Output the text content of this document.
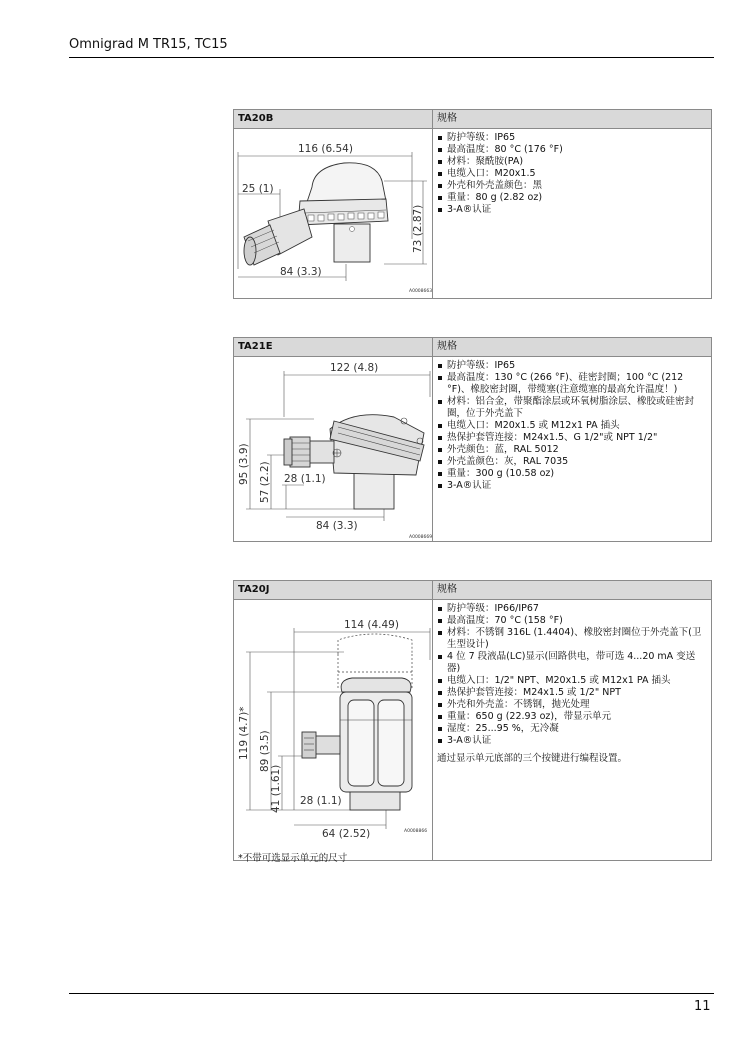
Omnigrad M TR15, TC15
TA20B	规格
116 (6.54)
25 (1)
73 (2.87)
84 (3.3)
A0008663
防护等级：IP65
最高温度：80 °C (176 °F)
材料：聚酰胺(PA)
电缆入口：M20x1.5
外壳和外壳盖颜色：黑
重量：80 g (2.82 oz)
3-A®认证
TA21E	规格
122 (4.8)
95 (3.9) 57 (2.2) 28 (1.1)
84 (3.3)
A0008669
防护等级：IP65
最高温度：130 °C (266 °F)、硅密封圈；100 °C (212 °F)、橡胶密封圈，带缆塞(注意缆塞的最高允许温度！)
材料：铝合金，带聚酯涂层或环氧树脂涂层、橡胶或硅密封圈，位于外壳盖下
电缆入口：M20x1.5 或 M12x1 PA 插头
热保护套管连接：M24x1.5、G 1/2"或 NPT 1/2"
外壳颜色：蓝，RAL 5012
外壳盖颜色：灰，RAL 7035
重量：300 g (10.58 oz)
3-A®认证
TA20J	规格
114 (4.49)
119 (4.7)* 89 (3.5)
41 (1.61) 28 (1.1)
64 (2.52)	A0008866
*不带可选显示单元的尺寸
防护等级：IP66/IP67
最高温度：70 °C (158 °F)
材料：不锈钢 316L (1.4404)、橡胶密封圈位于外壳盖下(卫生型设计)
4 位 7 段液晶(LC)显示(回路供电，带可选 4...20 mA 变送器)
电缆入口：1/2" NPT、M20x1.5 或 M12x1 PA 插头
热保护套管连接：M24x1.5 或 1/2" NPT
外壳和外壳盖：不锈钢，抛光处理
重量：650 g (22.93 oz)，带显示单元
湿度：25...95 %，无冷凝
3-A®认证
通过显示单元底部的三个按键进行编程设置。
11
